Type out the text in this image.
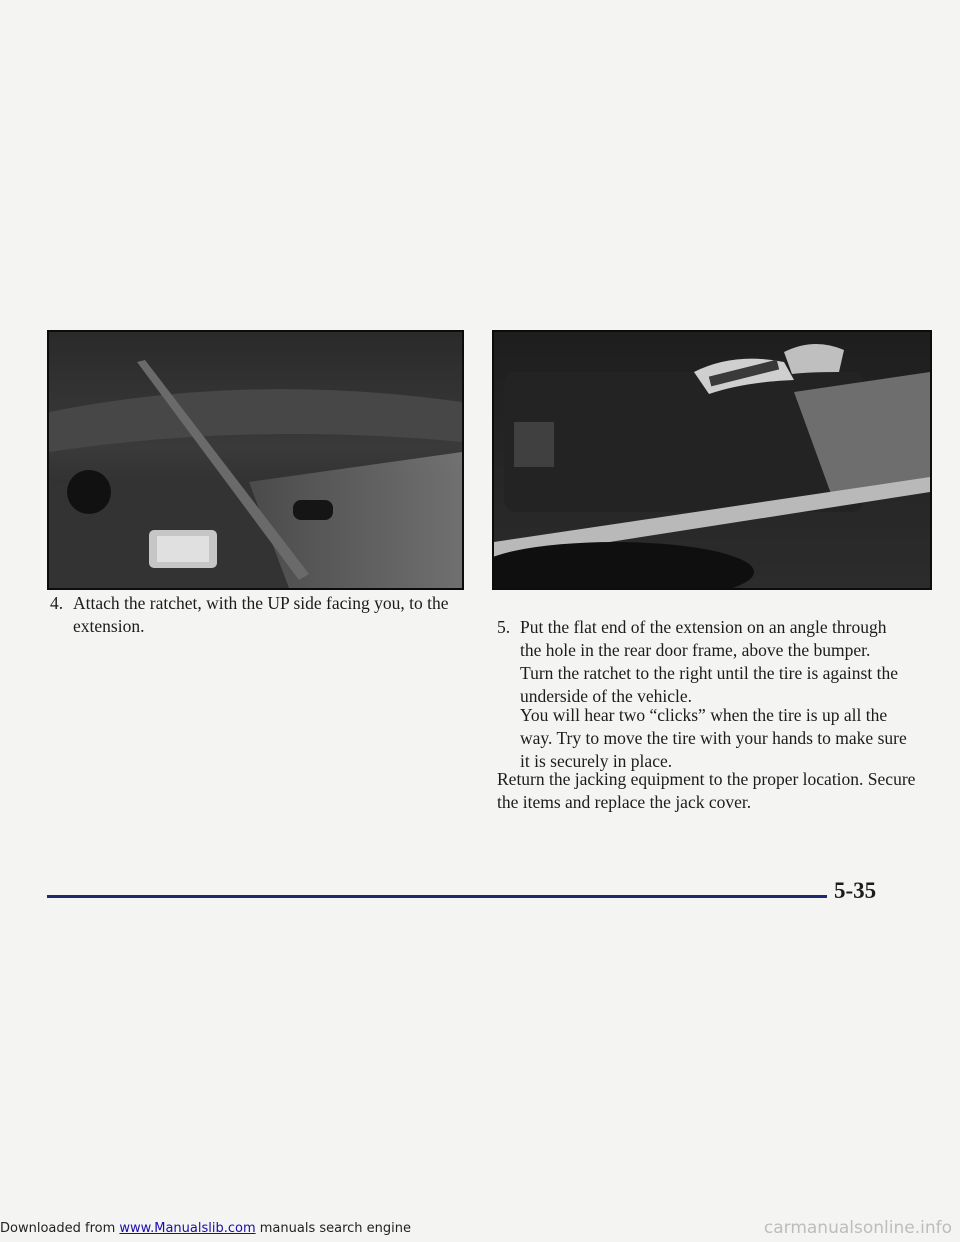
4. Attach the ratchet, with the UP side facing you, to the extension.	5. Put the flat end of the extension on an angle through the hole in the rear door frame, above the bumper. Turn the ratchet to the right until the tire is against the underside of the vehicle.
You will hear two “clicks” when the tire is up all the way. Try to move the tire with your hands to make sure it is securely in place.
Return the jacking equipment to the proper location. Secure the items and replace the jack cover.
5-35
Downloaded from www.Manualslib.com manuals search engine	carmanualsonline.info
